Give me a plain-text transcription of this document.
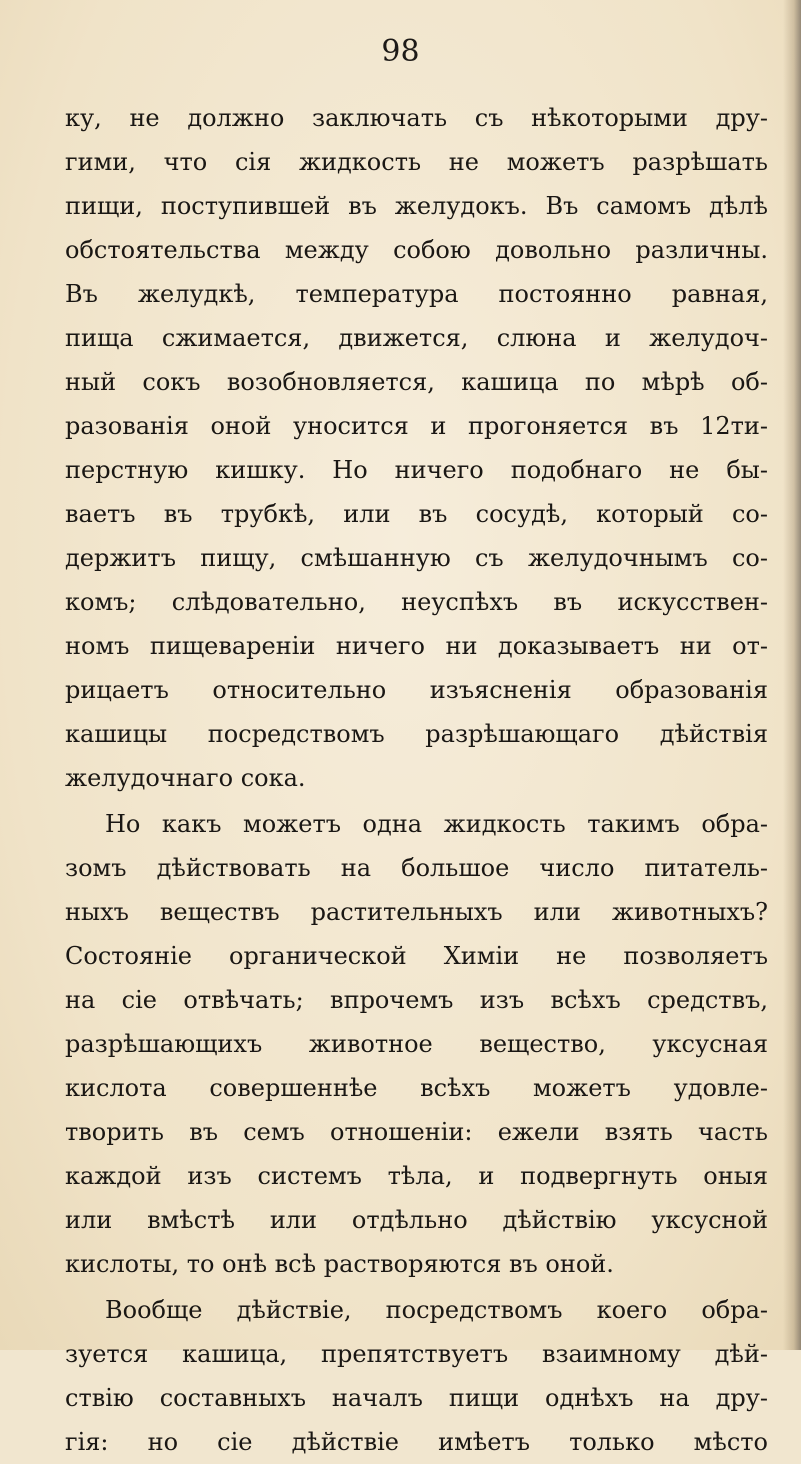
98
ку, не должно заключать съ нѣкоторыми дру-
гими, что сія жидкость не можетъ разрѣшать
пищи, поступившей въ желудокъ. Въ самомъ дѣлѣ
обстоятельства между собою довольно различны.
Въ желудкѣ, температура постоянно равная,
пища сжимается, движется, слюна и желудоч-
ный сокъ возобновляется, кашица по мѣрѣ об-
разованія оной уносится и прогоняется въ 12ти-
перстную кишку. Но ничего подобнаго не бы-
ваетъ въ трубкѣ, или въ сосудѣ, который со-
держитъ пищу, смѣшанную съ желудочнымъ со-
комъ; слѣдовательно, неуспѣхъ въ искусствен-
номъ пищевареніи ничего ни доказываетъ ни от-
рицаетъ относительно изъясненія образованія
кашицы посредствомъ разрѣшающаго дѣйствія
желудочнаго сока.
Но какъ можетъ одна жидкость такимъ обра-
зомъ дѣйствовать на большое число питатель-
ныхъ веществъ растительныхъ или животныхъ?
Состояніе органической Химіи не позволяетъ
на сіе отвѣчать; впрочемъ изъ всѣхъ средствъ,
разрѣшающихъ животное вещество, уксусная
кислота совершеннѣе всѣхъ можетъ удовле-
творить въ семъ отношеніи: ежели взять часть
каждой изъ системъ тѣла, и подвергнуть оныя
или вмѣстѣ или отдѣльно дѣйствію уксусной
кислоты, то онѣ всѣ растворяются въ оной.
Вообще дѣйствіе, посредствомъ коего обра-
зуется кашица, препятствуетъ взаимному дѣй-
ствію составныхъ началъ пищи однѣхъ на дру-
гія: но сіе дѣйствіе имѣетъ только мѣсто
